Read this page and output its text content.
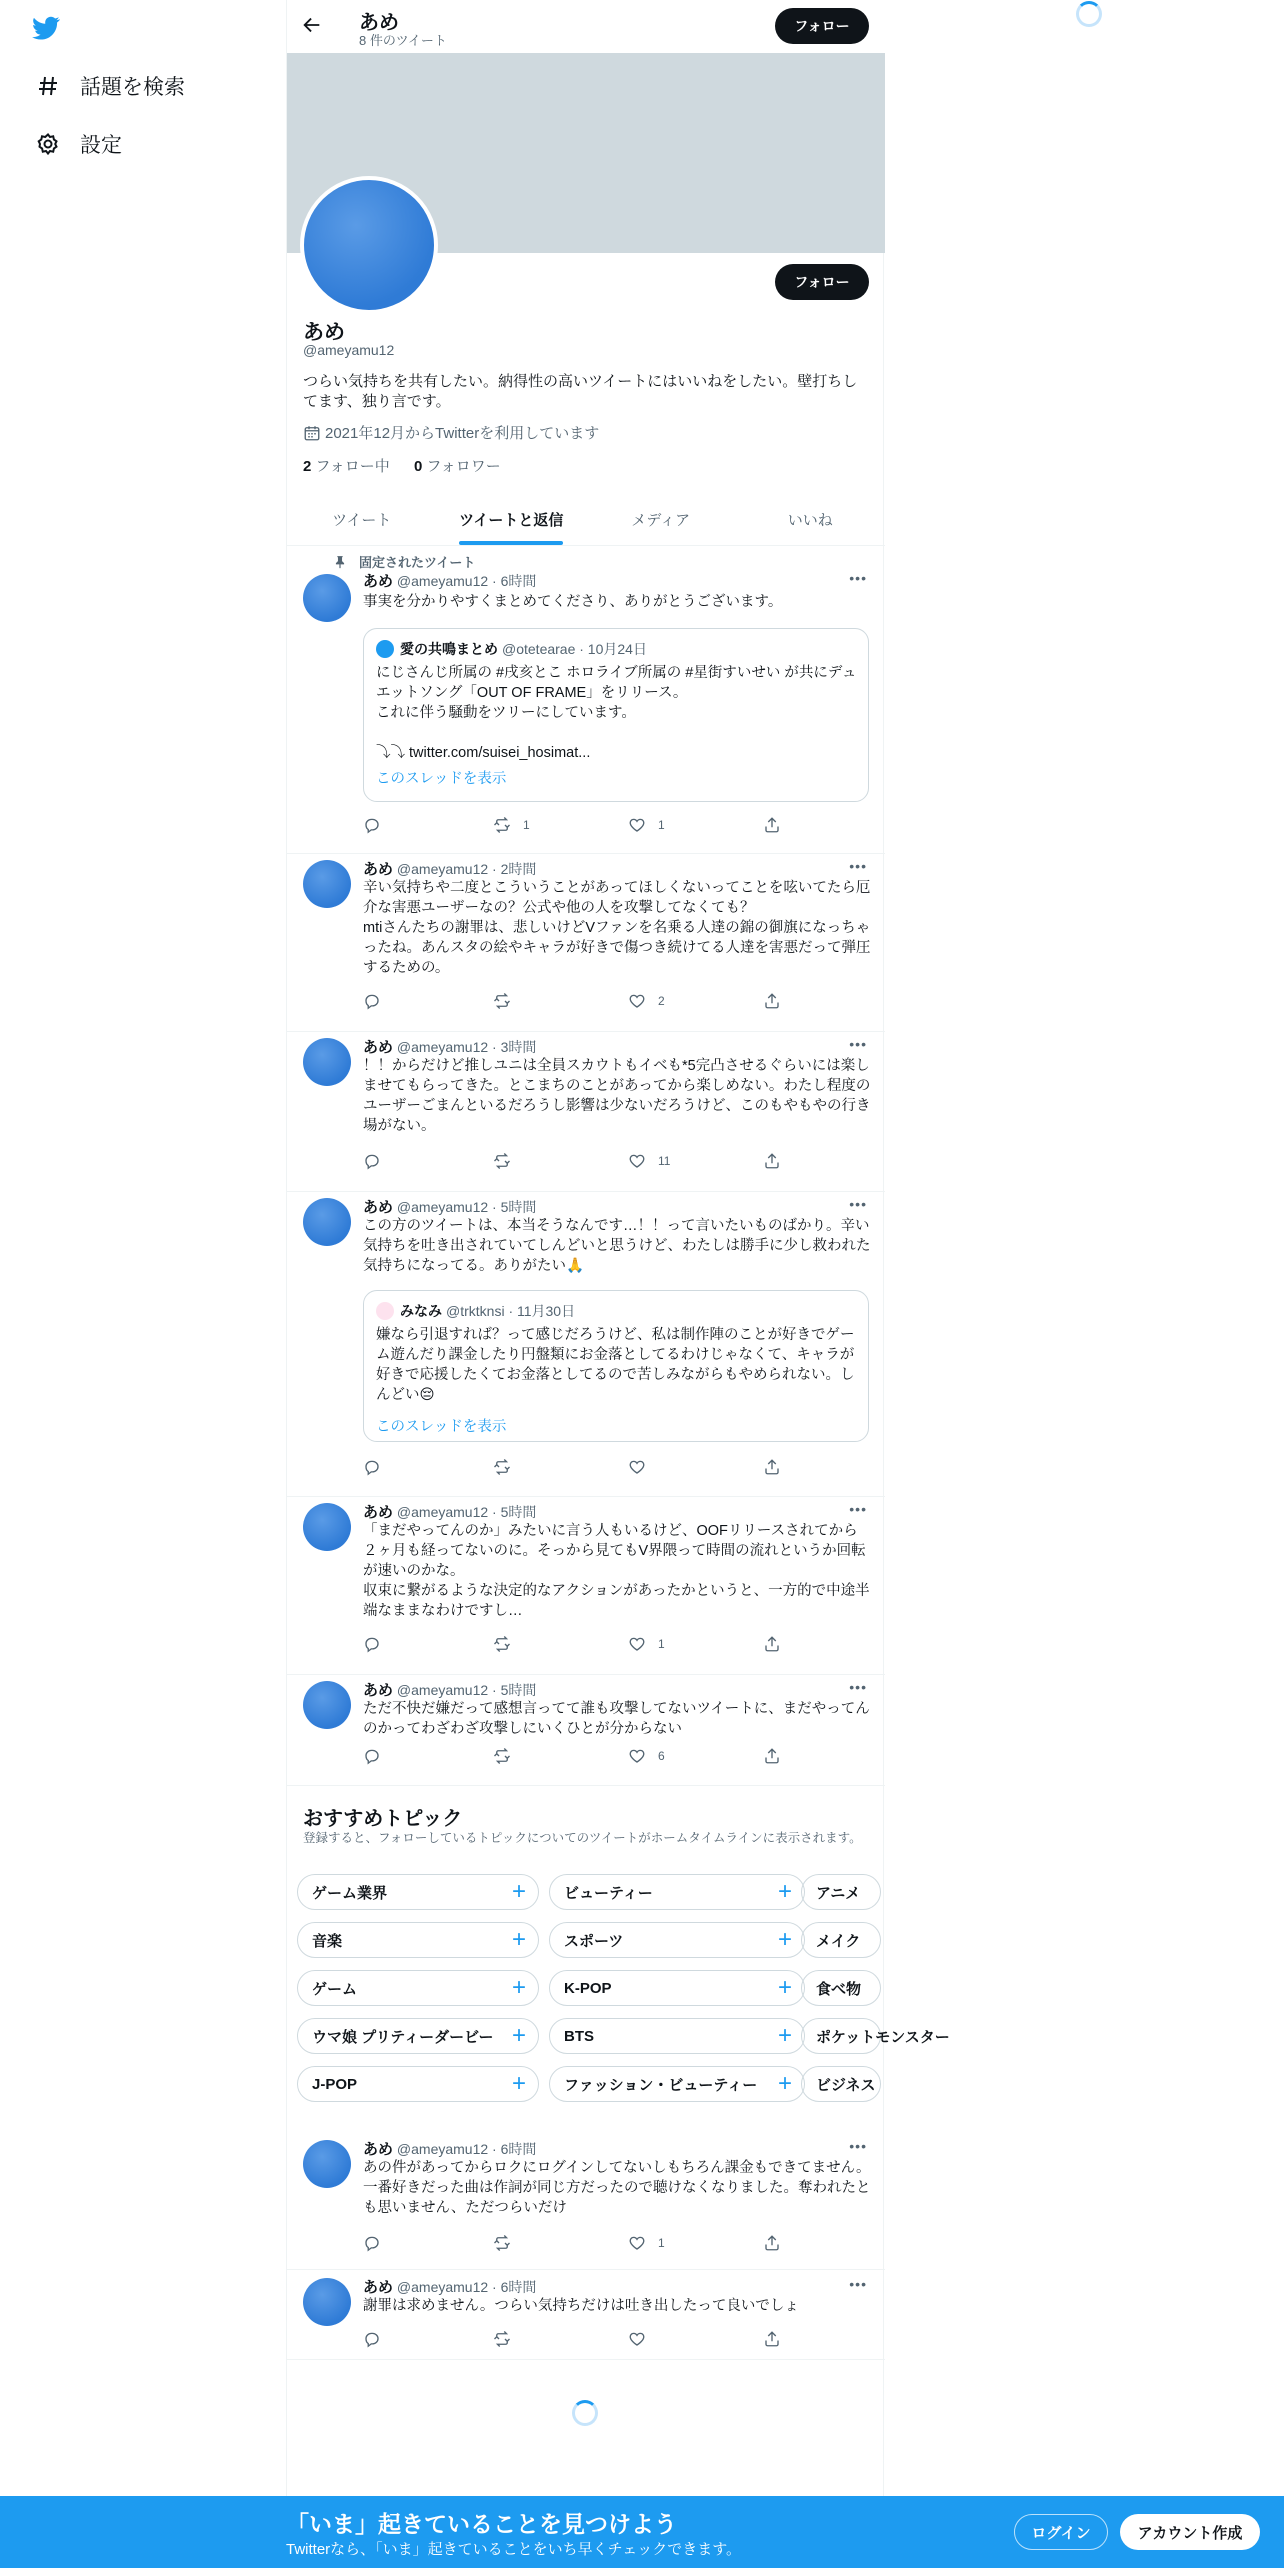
話題を検索
設定
あめ
8 件のツイート
フォロー
フォロー
あめ
@ameyamu12
つらい気持ちを共有したい。納得性の高いツイートにはいいねをしたい。壁打ちしてます、独り言です。
2021年12月からTwitterを利用しています
2 フォロー中 0 フォロワー
ツイート	ツイートと返信	メディア	いいね
固定されたツイート
あめ @ameyamu12 · 6時間	•••
事実を分かりやすくまとめてくださり、ありがとうございます。
愛の共鳴まとめ @otetearae · 10月24日
にじさんじ所属の #戌亥とこ ホロライブ所属の #星街すいせい が共にデュエットソング「OUT OF FRAME」をリリース。
これに伴う騒動をツリーにしています。

⤵︎⤵︎ twitter.com/suisei_hosimat...
このスレッドを表示
1	1
あめ @ameyamu12 · 2時間	•••
辛い気持ちや二度とこういうことがあってほしくないってことを呟いてたら厄介な害悪ユーザーなの？公式や他の人を攻撃してなくても？
mtiさんたちの謝罪は、悲しいけどVファンを名乗る人達の錦の御旗になっちゃったね。あんスタの絵やキャラが好きで傷つき続けてる人達を害悪だって弾圧するための。
2
あめ @ameyamu12 · 3時間	•••
！！からだけど推しユニは全員スカウトもイベも*5完凸させるぐらいには楽しませてもらってきた。とこまちのことがあってから楽しめない。わたし程度のユーザーごまんといるだろうし影響は少ないだろうけど、このもやもやの行き場がない。
11
あめ @ameyamu12 · 5時間	•••
この方のツイートは、本当そうなんです…！！って言いたいものばかり。辛い気持ちを吐き出されていてしんどいと思うけど、わたしは勝手に少し救われた気持ちになってる。ありがたい🙏
みなみ @trktknsi · 11月30日
嫌なら引退すれば？って感じだろうけど、私は制作陣のことが好きでゲーム遊んだり課金したり円盤類にお金落としてるわけじゃなくて、キャラが好きで応援したくてお金落としてるので苦しみながらもやめられない。しんどい😔
このスレッドを表示
あめ @ameyamu12 · 5時間	•••
「まだやってんのか」みたいに言う人もいるけど、OOFリリースされてから２ヶ月も経ってないのに。そっから見てもV界隈って時間の流れというか回転が速いのかな。
収束に繋がるような決定的なアクションがあったかというと、一方的で中途半端なままなわけですし…
1
あめ @ameyamu12 · 5時間	•••
ただ不快だ嫌だって感想言ってて誰も攻撃してないツイートに、まだやってんのかってわざわざ攻撃しにいくひとが分からない
6
あめ @ameyamu12 · 6時間	•••
あの件があってからロクにログインしてないしもちろん課金もできてません。一番好きだった曲は作詞が同じ方だったので聴けなくなりました。奪われたとも思いません、ただつらいだけ
1
あめ @ameyamu12 · 6時間	•••
謝罪は求めません。つらい気持ちだけは吐き出したって良いでしょ
おすすめトピック
登録すると、フォローしているトピックについてのツイートがホームタイムラインに表示されます。
ゲーム業界	+	ビューティー	+ アニメ
音楽	+	スポーツ	+ メイク
ゲーム	+	K-POP	+ 食べ物
ウマ娘 プリティーダービー +	BTS	+ ポケットモンスター
J-POP	+	ファッション・ビューティー + ビジネス
「いま」起きていることを見つけよう
Twitterなら、「いま」起きていることをいち早くチェックできます。
ログイン	アカウント作成
